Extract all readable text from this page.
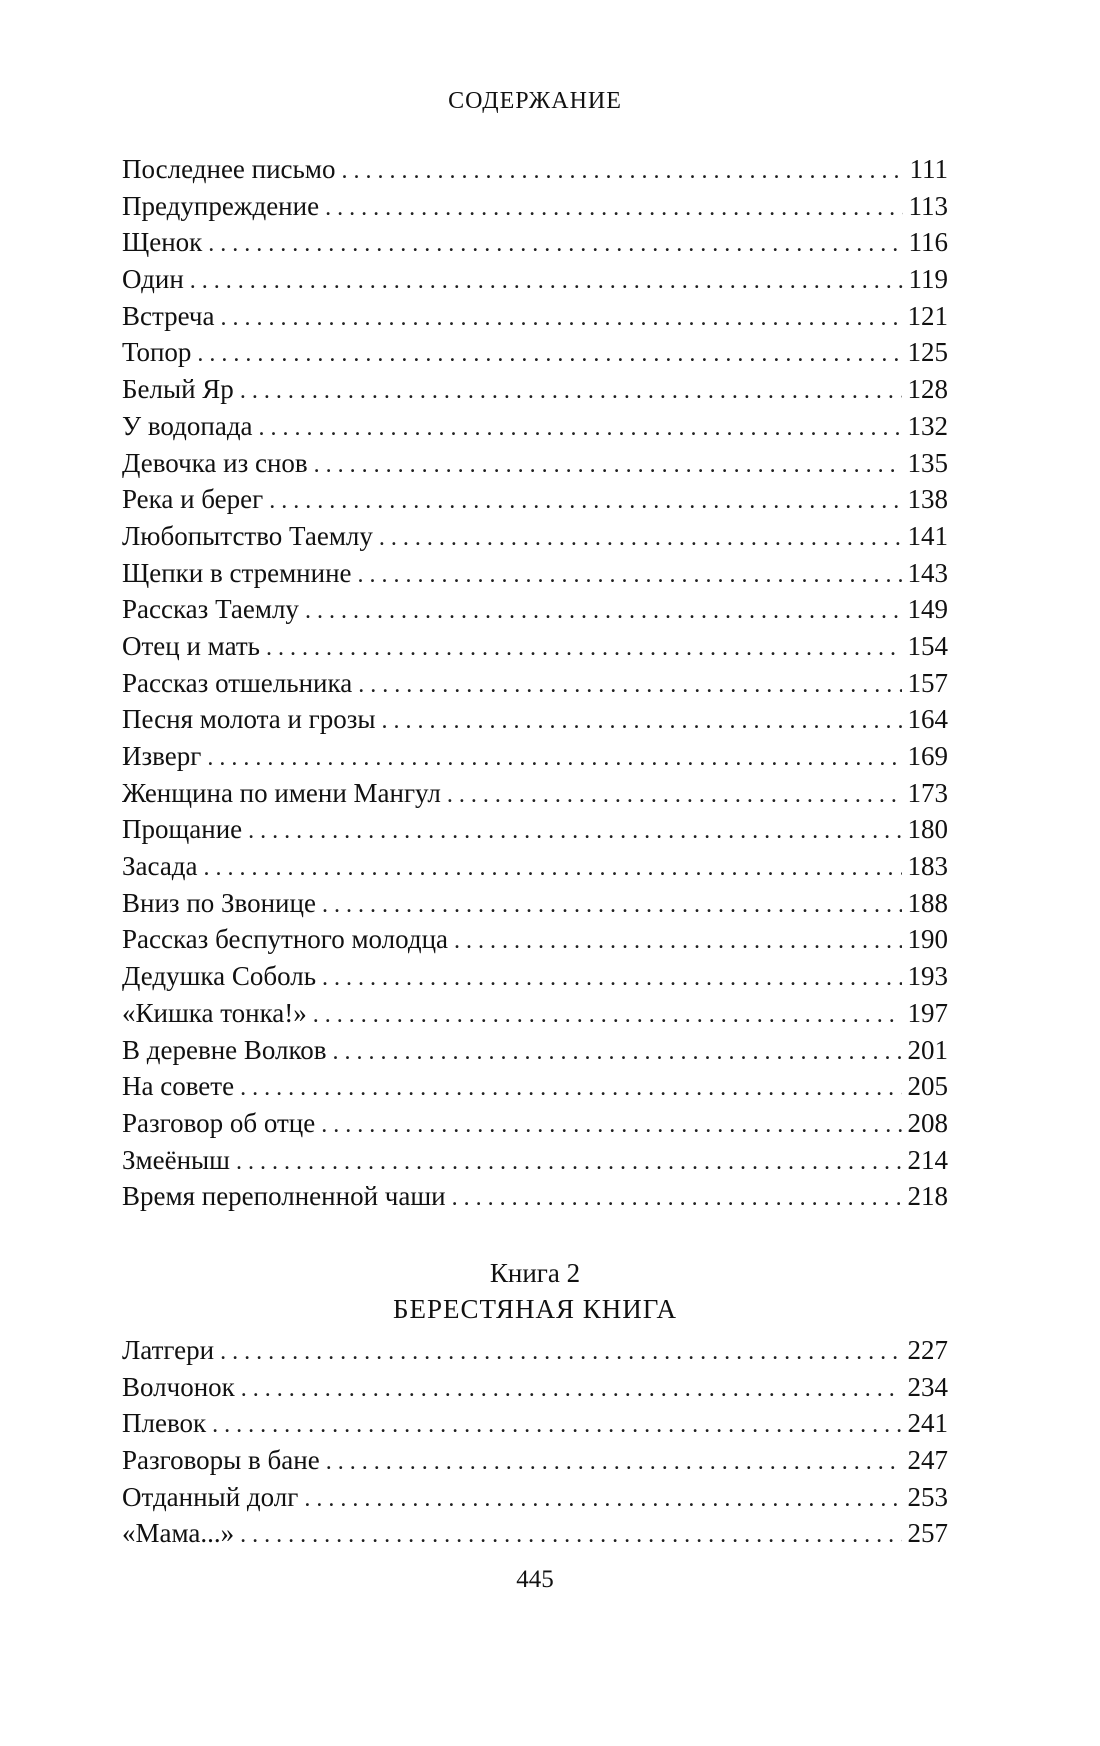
СОДЕРЖАНИЕ
Последнее письмо . . .	111
Предупреждение . . .	113
Щенок . . .	116
Один . . .	119
Встреча . . .	121
Топор . . .	125
Белый Яр . . .	128
У водопада . . .	132
Девочка из снов . . .	135
Река и берег . . .	138
Любопытство Таемлу . . .	141
Щепки в стремнине . . .	143
Рассказ Таемлу . . .	149
Отец и мать . . .	154
Рассказ отшельника . . .	157
Песня молота и грозы . . .	164
Изверг . . .	169
Женщина по имени Мангул . . .	173
Прощание . . .	180
Засада . . .	183
Вниз по Звонице . . .	188
Рассказ беспутного молодца . . .	190
Дедушка Соболь . . .	193
«Кишка тонка!» . . .	197
В деревне Волков . . .	201
На совете . . .	205
Разговор об отце . . .	208
Змеёныш . . .	214
Время переполненной чаши . . .	218
Книга 2
БЕРЕСТЯНАЯ КНИГА
Латгери . . .	227
Волчонок . . .	234
Плевок . . .	241
Разговоры в бане . . .	247
Отданный долг . . .	253
«Мама...» . . .	257
445
